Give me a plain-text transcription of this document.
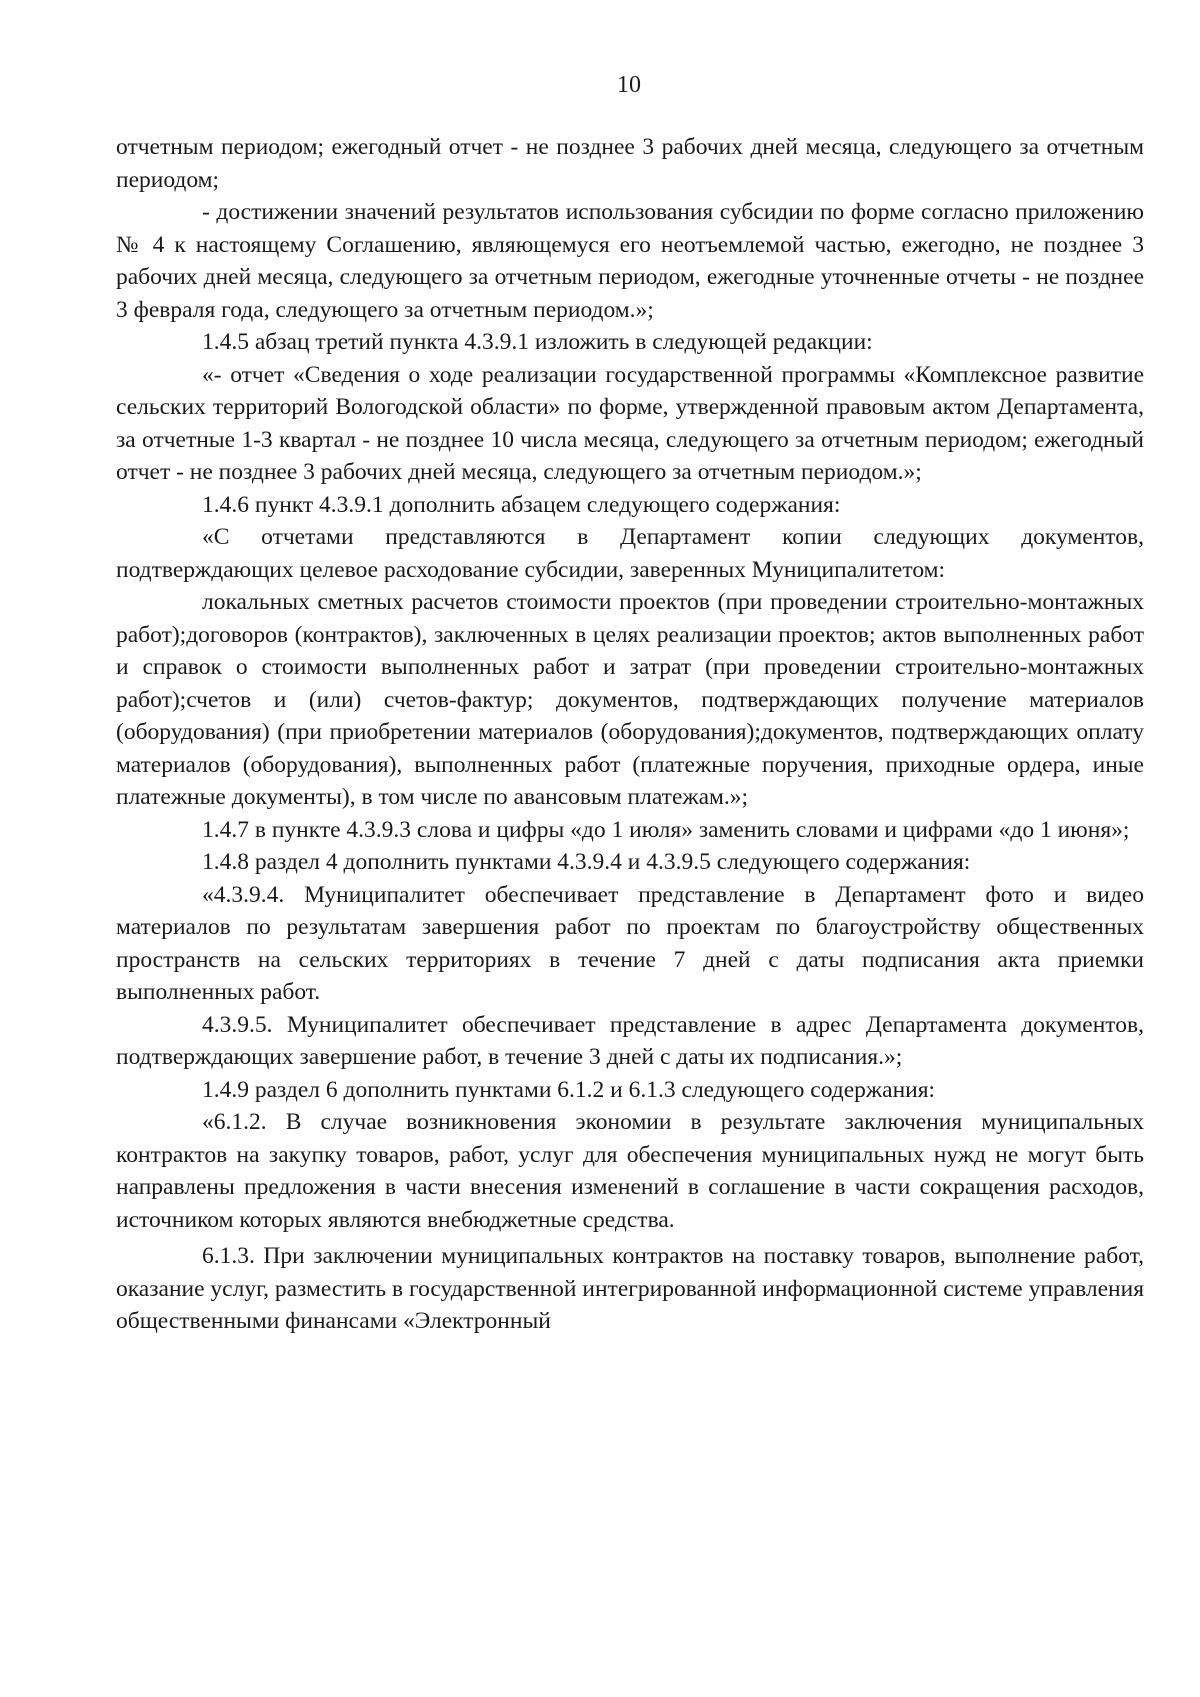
10

отчетным периодом; ежегодный отчет - не позднее 3 рабочих дней месяца, следующего за отчетным периодом;

- достижении значений результатов использования субсидии по форме согласно приложению № 4 к настоящему Соглашению, являющемуся его неотъемлемой частью, ежегодно, не позднее 3 рабочих дней месяца, следующего за отчетным периодом, ежегодные уточненные отчеты - не позднее 3 февраля года, следующего за отчетным периодом.»;

1.4.5 абзац третий пункта 4.3.9.1 изложить в следующей редакции:

«- отчет «Сведения о ходе реализации государственной программы «Комплексное развитие сельских территорий Вологодской области» по форме, утвержденной правовым актом Департамента, за отчетные 1-3 квартал - не позднее 10 числа месяца, следующего за отчетным периодом; ежегодный отчет - не позднее 3 рабочих дней месяца, следующего за отчетным периодом.»;

1.4.6 пункт 4.3.9.1 дополнить абзацем следующего содержания:

«С отчетами представляются в Департамент копии следующих документов, подтверждающих целевое расходование субсидии, заверенных Муниципалитетом:

локальных сметных расчетов стоимости проектов (при проведении строительно-монтажных работ);договоров (контрактов), заключенных в целях реализации проектов; актов выполненных работ и справок о стоимости выполненных работ и затрат (при проведении строительно-монтажных работ);счетов и (или) счетов-фактур; документов, подтверждающих получение материалов (оборудования) (при приобретении материалов (оборудования);документов, подтверждающих оплату материалов (оборудования), выполненных работ (платежные поручения, приходные ордера, иные платежные документы), в том числе по авансовым платежам.»;

1.4.7 в пункте 4.3.9.3 слова и цифры «до 1 июля» заменить словами и цифрами «до 1 июня»;

1.4.8 раздел 4 дополнить пунктами 4.3.9.4 и 4.3.9.5 следующего содержания:

«4.3.9.4. Муниципалитет обеспечивает представление в Департамент фото и видео материалов по результатам завершения работ по проектам по благоустройству общественных пространств на сельских территориях в течение 7 дней с даты подписания акта приемки выполненных работ.

4.3.9.5. Муниципалитет обеспечивает представление в адрес Департамента документов, подтверждающих завершение работ, в течение 3 дней с даты их подписания.»;

1.4.9 раздел 6 дополнить пунктами 6.1.2 и 6.1.3 следующего содержания:

«6.1.2. В случае возникновения экономии в результате заключения муниципальных контрактов на закупку товаров, работ, услуг для обеспечения муниципальных нужд не могут быть направлены предложения в части внесения изменений в соглашение в части сокращения расходов, источником которых являются внебюджетные средства.

6.1.3. При заключении муниципальных контрактов на поставку товаров, выполнение работ, оказание услуг, разместить в государственной интегрированной информационной системе управления общественными финансами «Электронный
